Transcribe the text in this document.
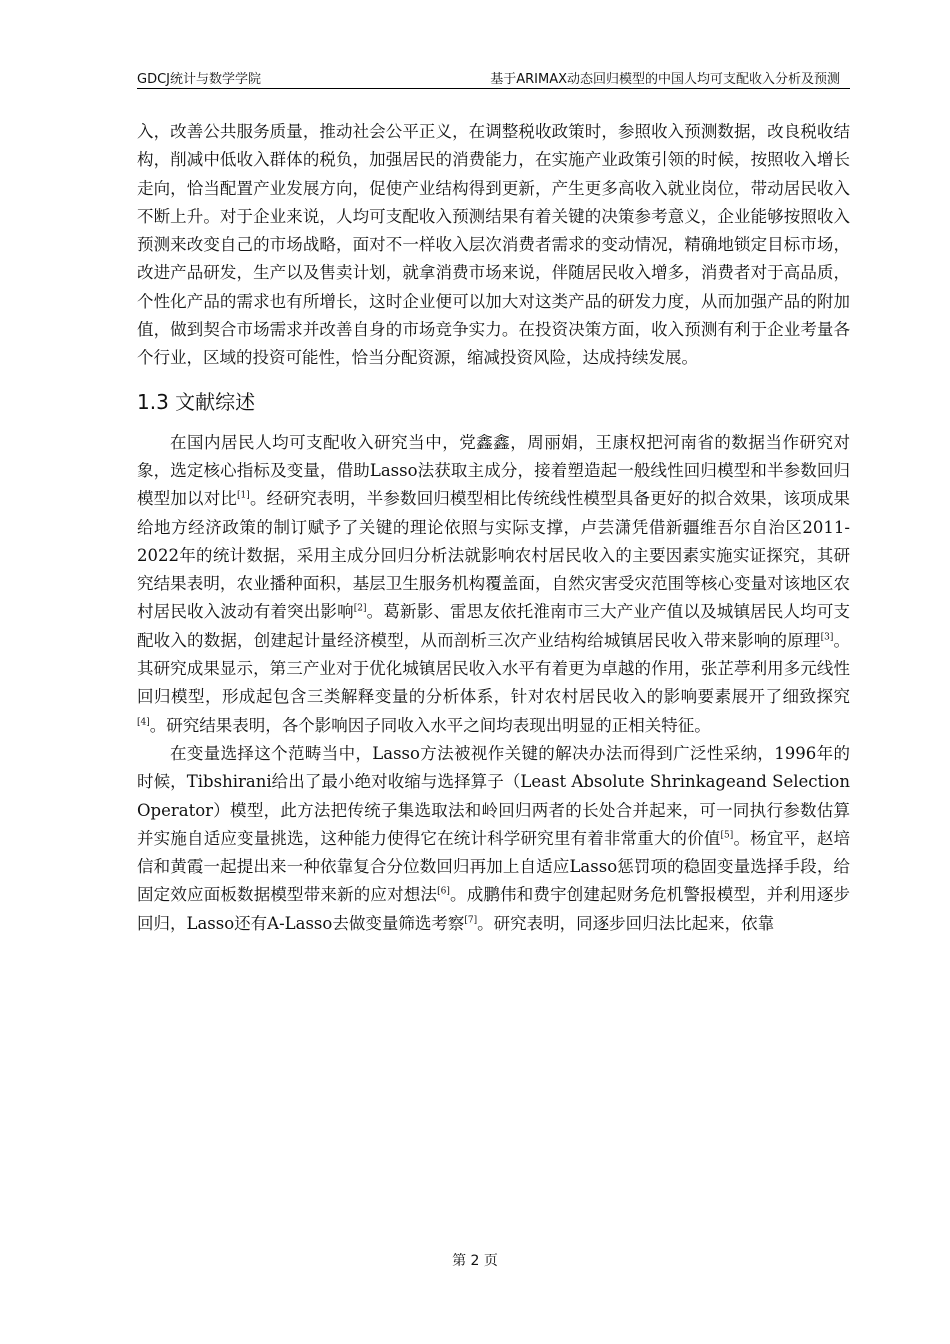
GDCJ统计与数学学院	基于ARIMAX动态回归模型的中国人均可支配收入分析及预测

入，改善公共服务质量，推动社会公平正义，在调整税收政策时，参照收入预测数据，改良税收结构，削减中低收入群体的税负，加强居民的消费能力，在实施产业政策引领的时候，按照收入增长走向，恰当配置产业发展方向，促使产业结构得到更新，产生更多高收入就业岗位，带动居民收入不断上升。对于企业来说，人均可支配收入预测结果有着关键的决策参考意义，企业能够按照收入预测来改变自己的市场战略，面对不一样收入层次消费者需求的变动情况，精确地锁定目标市场，改进产品研发，生产以及售卖计划，就拿消费市场来说，伴随居民收入增多，消费者对于高品质，个性化产品的需求也有所增长，这时企业便可以加大对这类产品的研发力度，从而加强产品的附加值，做到契合市场需求并改善自身的市场竞争实力。在投资决策方面，收入预测有利于企业考量各个行业，区域的投资可能性，恰当分配资源，缩减投资风险，达成持续发展。

1.3 文献综述

在国内居民人均可支配收入研究当中，党鑫鑫，周丽娟，王康权把河南省的数据当作研究对象，选定核心指标及变量，借助Lasso法获取主成分，接着塑造起一般线性回归模型和半参数回归模型加以对比[1]。经研究表明，半参数回归模型相比传统线性模型具备更好的拟合效果，该项成果给地方经济政策的制订赋予了关键的理论依照与实际支撑，卢芸潇凭借新疆维吾尔自治区2011-2022年的统计数据，采用主成分回归分析法就影响农村居民收入的主要因素实施实证探究，其研究结果表明，农业播种面积，基层卫生服务机构覆盖面，自然灾害受灾范围等核心变量对该地区农村居民收入波动有着突出影响[2]。葛新影、雷思友依托淮南市三大产业产值以及城镇居民人均可支配收入的数据，创建起计量经济模型，从而剖析三次产业结构给城镇居民收入带来影响的原理[3]。其研究成果显示，第三产业对于优化城镇居民收入水平有着更为卓越的作用，张芷葶利用多元线性回归模型，形成起包含三类解释变量的分析体系，针对农村居民收入的影响要素展开了细致探究[4]。研究结果表明，各个影响因子同收入水平之间均表现出明显的正相关特征。

在变量选择这个范畴当中，Lasso方法被视作关键的解决办法而得到广泛性采纳，1996年的时候，Tibshirani给出了最小绝对收缩与选择算子（Least Absolute Shrinkageand Selection Operator）模型，此方法把传统子集选取法和岭回归两者的长处合并起来，可一同执行参数估算并实施自适应变量挑选，这种能力使得它在统计科学研究里有着非常重大的价值[5]。杨宜平，赵培信和黄霞一起提出来一种依靠复合分位数回归再加上自适应Lasso惩罚项的稳固变量选择手段，给固定效应面板数据模型带来新的应对想法[6]。成鹏伟和费宇创建起财务危机警报模型，并利用逐步回归，Lasso还有A-Lasso去做变量筛选考察[7]。研究表明，同逐步回归法比起来，依靠

第 2 页
